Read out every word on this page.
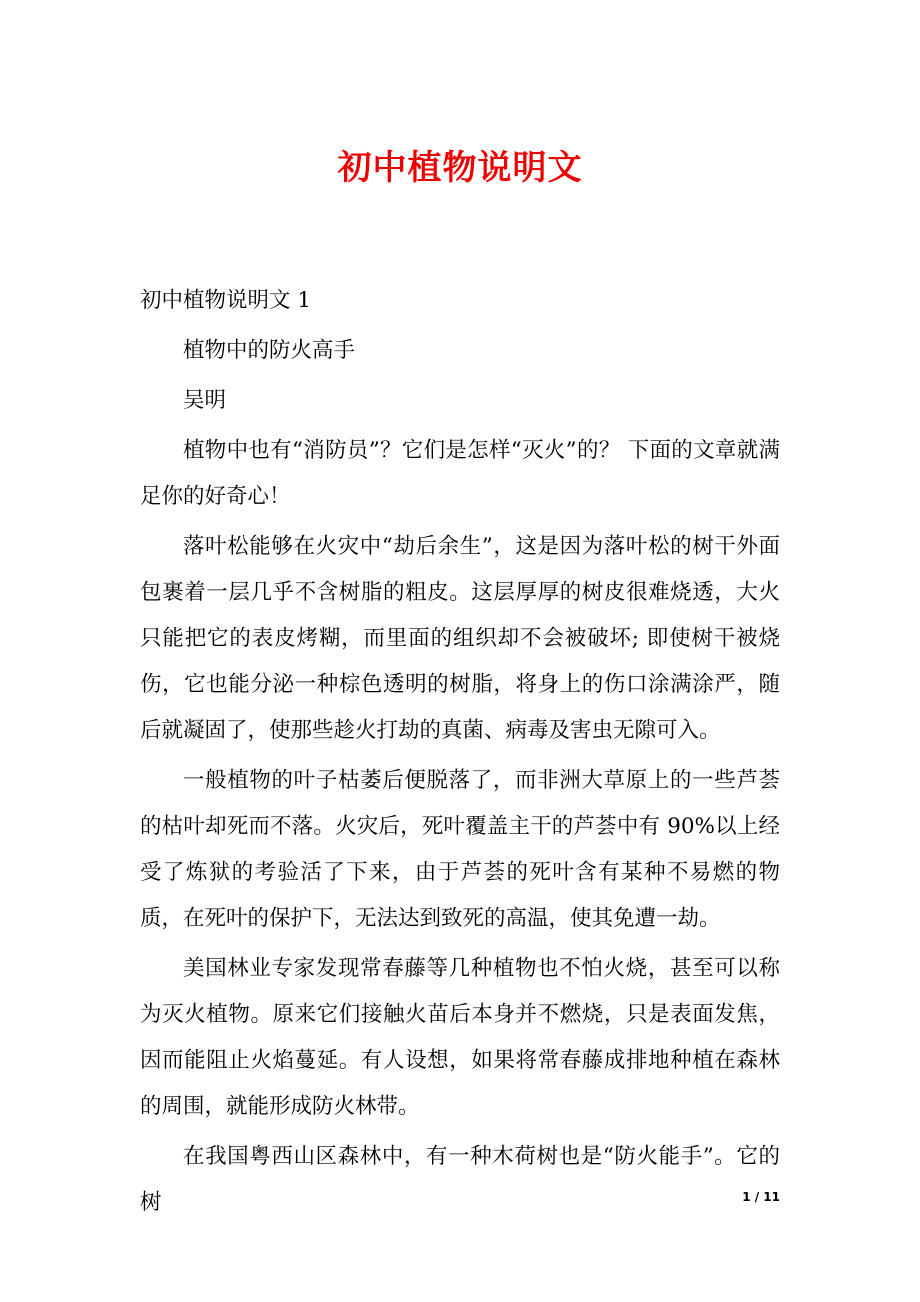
初中植物说明文

初中植物说明文 1

植物中的防火高手

吴明

植物中也有“消防员”？它们是怎样“灭火”的？ 下面的文章就满足你的好奇心！

落叶松能够在火灾中“劫后余生”，这是因为落叶松的树干外面包裹着一层几乎不含树脂的粗皮。这层厚厚的树皮很难烧透，大火只能把它的表皮烤糊，而里面的组织却不会被破坏; 即使树干被烧伤，它也能分泌一种棕色透明的树脂，将身上的伤口涂满涂严，随后就凝固了，使那些趁火打劫的真菌、病毒及害虫无隙可入。

一般植物的叶子枯萎后便脱落了，而非洲大草原上的一些芦荟的枯叶却死而不落。火灾后，死叶覆盖主干的芦荟中有 90%以上经受了炼狱的考验活了下来，由于芦荟的死叶含有某种不易燃的物质，在死叶的保护下，无法达到致死的高温，使其免遭一劫。

美国林业专家发现常春藤等几种植物也不怕火烧，甚至可以称为灭火植物。原来它们接触火苗后本身并不燃烧，只是表面发焦，因而能阻止火焰蔓延。有人设想，如果将常春藤成排地种植在森林的周围，就能形成防火林带。

在我国粤西山区森林中，有一种木荷树也是“防火能手”。它的树	1 / 11
